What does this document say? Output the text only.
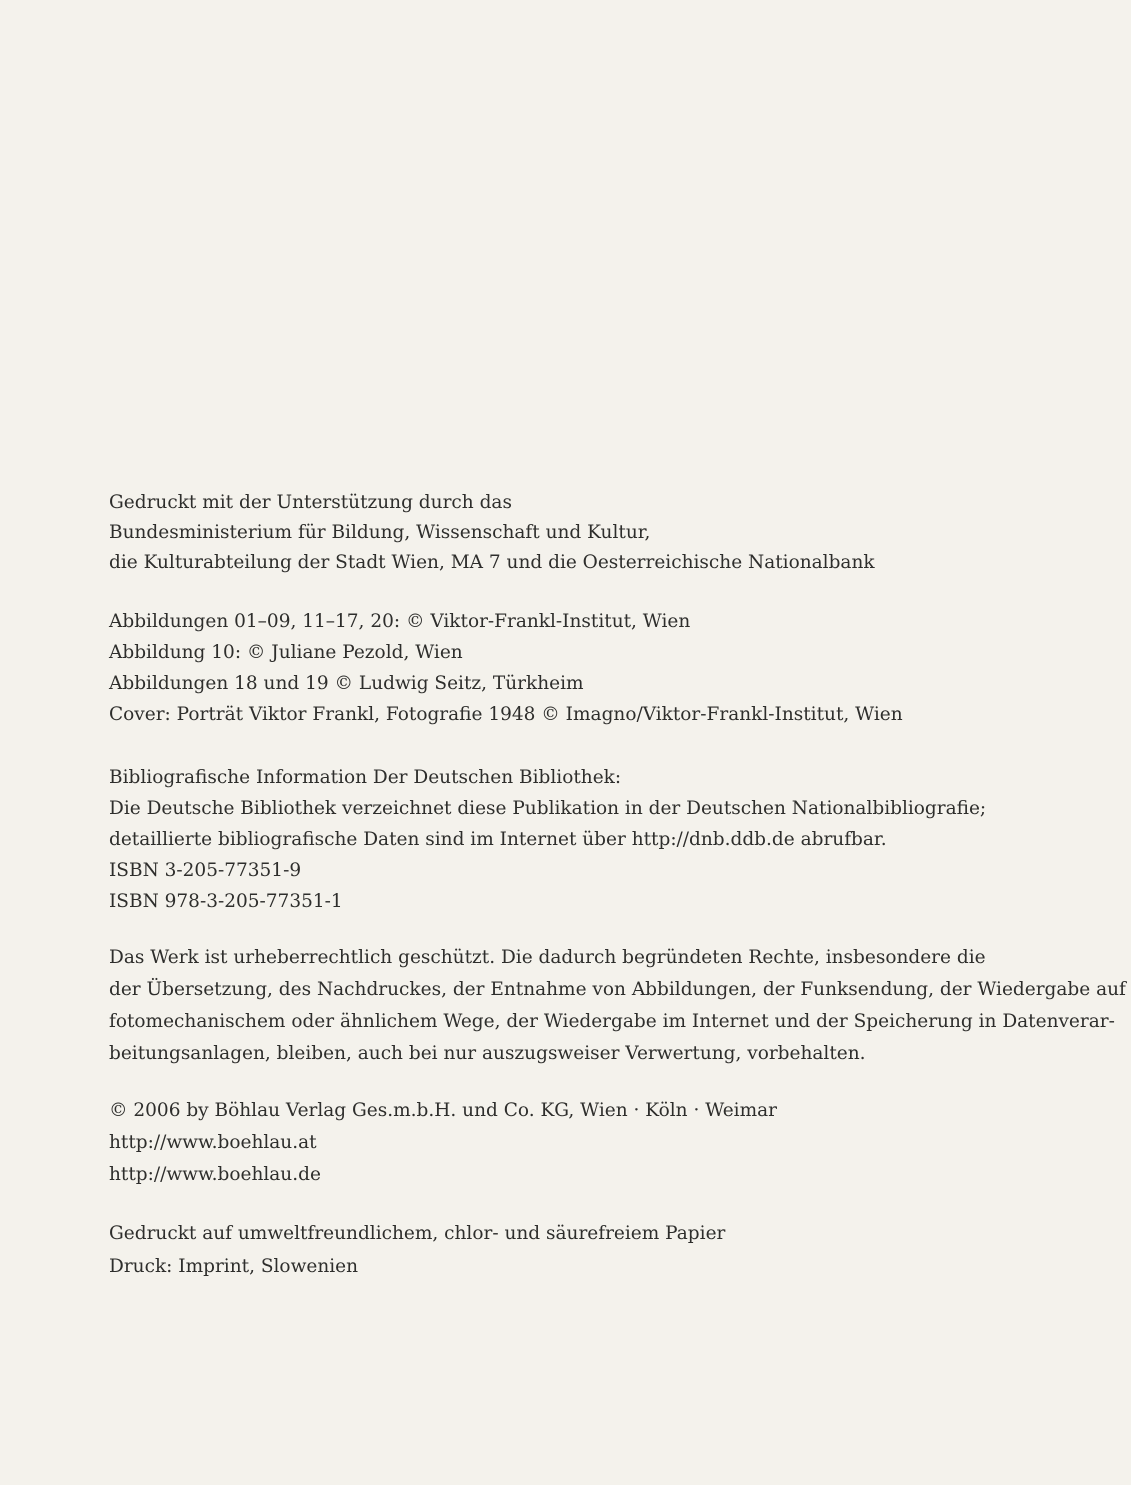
Gedruckt mit der Unterstützung durch das
Bundesministerium für Bildung, Wissenschaft und Kultur,
die Kulturabteilung der Stadt Wien, MA 7 und die Oesterreichische Nationalbank

Abbildungen 01–09, 11–17, 20: © Viktor-Frankl-Institut, Wien
Abbildung 10: © Juliane Pezold, Wien
Abbildungen 18 und 19 © Ludwig Seitz, Türkheim
Cover: Porträt Viktor Frankl, Fotografie 1948 © Imagno/Viktor-Frankl-Institut, Wien

Bibliografische Information Der Deutschen Bibliothek:
Die Deutsche Bibliothek verzeichnet diese Publikation in der Deutschen Nationalbibliografie;
detaillierte bibliografische Daten sind im Internet über http://dnb.ddb.de abrufbar.
ISBN 3-205-77351-9
ISBN 978-3-205-77351-1

Das Werk ist urheberrechtlich geschützt. Die dadurch begründeten Rechte, insbesondere die
der Übersetzung, des Nachdruckes, der Entnahme von Abbildungen, der Funksendung, der Wiedergabe auf
fotomechanischem oder ähnlichem Wege, der Wiedergabe im Internet und der Speicherung in Datenverar-
beitungsanlagen, bleiben, auch bei nur auszugsweiser Verwertung, vorbehalten.

© 2006 by Böhlau Verlag Ges.m.b.H. und Co. KG, Wien · Köln · Weimar
http://www.boehlau.at
http://www.boehlau.de

Gedruckt auf umweltfreundlichem, chlor- und säurefreiem Papier
Druck: Imprint, Slowenien
